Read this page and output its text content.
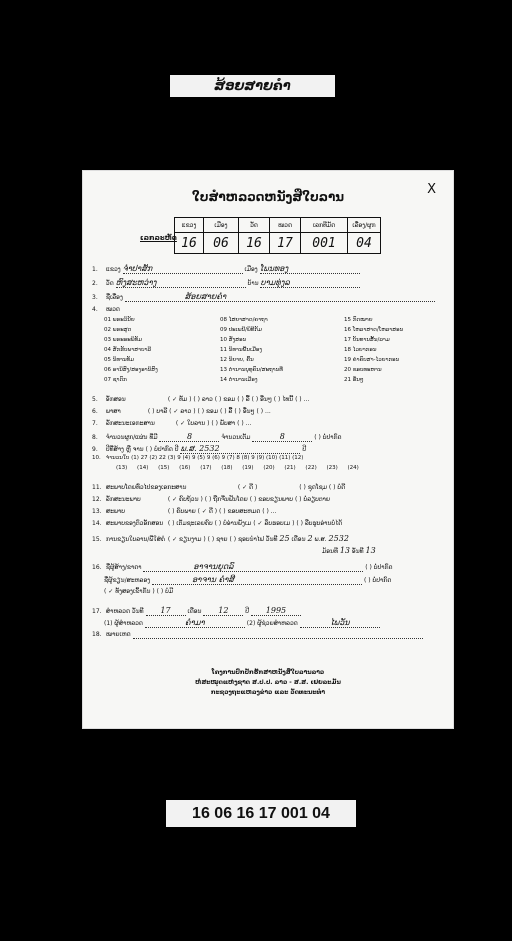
ສ້ອຍສາຍຄໍາ
X
ໃບສໍາຫລວດຫນັງສືໃບລານ
ເລກລະຫັດ
ແຂວງ	ເມືອງ	ວັດ	ໝວດ	ເລກທີມັດ	ເລື່ອງ/ຜູກ
16	06	16	17	001	04
1. ແຂວງ ຈໍາປາສັກ	ເມືອງ ໂພນທອງ
2. ວັດ ຫົງສະຫວ່າງ	ບ້ານ ບາມທຸ່ງລ
3. ຊື່ເລື່ອງ	ສ້ອຍສາຍຄໍາ
4. ໝວດ
01 ພຣະວິນັຍ
02 ພຣະສູດ
03 ພຣະອະພິທັມ
04 ສັກຮັບພາສາບາລີ
05 ນິທານທັມ
06 ອານິສົງ/ສອງອານິສົງ
07 ຊາດົກ
08 ໄສຍາສາດ/ຄາຖາ
09 ປະເພນີ/ພິທີກັມ
10 ສັ່ງສອນ
11 ນິທານພື້ນເມືອງ
12 ນິຍາຍ, ຄົ້ນ
13 ຕໍານານບຸທຸຄົນ/ສະຖານທີ່
14 ຕໍານານເມືອງ
15 ກົດໝາຍ
16 ໂຫລາສາດ/ໂຫລາສອນ
17 ບັນທານສັ້ນ/ລາມ
18 ໄວຍາກອນ
19 ຄໍາຄົບສາ-ໄວຍາກອນ
20 ຂອບທະຫານ
21 ອື່ນໆ
5. ອັກສອນ	( ✓ ທັມ ) ( ) ລາວ ( ) ຂອມ ( ) ລື້ ( ) ອື່ນໆ ( ) ໄທນີ້ ( ) ...
6. ພາສາ	( ) ບາລີ ( ✓ ລາວ ) ( ) ຂອມ ( ) ລື້ ( ) ອື່ນໆ ( ) ...
7. ລັກສະນະເອກະສານ	( ✓ ໃບລານ ) ( ) ພັບສາ ( ) ...
8. ຈໍານວນຜູກ/ແຜ່ນ ທີ່ມີ	8	ຈໍານວນເຕັມ	8	( ) ບໍ່ປາກົດ
9. ປີທີ່ສ້າງ ຫຼື ຈານ ( ) ບໍ່ປາກົດ ປີ ພ.ສ. 2532	ປີ
10. ຈໍານວນໃບ (1) 27 (2) 22 (3) 9 (4) 9 (5) 9 (6) 9 (7) 8 (8) 9 (9) (10) (11) (12)
(13) (14) (15) (16) (17) (18) (19) (20) (21) (22) (23) (24)
11. ສະພາບໂດຍທົ່ວໄປຂອງເອກະສານ	( ✓ ດີ )	( ) ຊຸດໂຊມ ( ) ບໍ່ດີ
12. ລັກສະນະພາບ	( ✓ ຄົບຖ້ວນ ) ( ) ຖືກຈີ່ນຟັນໂດຍ ( ) ຂອບຂຽນພາບ ( ) ບໍ່ລຽບຕາຍ
13. ສະພາບ	( ) ຄົບພາຍ ( ✓ ດີ ) ( ) ຂອບສະຫມດ ( ) ...
14. ສະພາບຂອງຕົວອັກສອນ ( ) ເຕັມຊະເລຍຄົບ ( ) ບໍ່ອ່ານພັງເມ ( ✓ ລຶບຮອບເມ ) ( ) ລືບຮູບອ່ານບໍ່ໄດ້
15. ການຂຽນໃບລານ/ພີ່ໃສ່ຄໍ ( ✓ ຂຽນງາມ ) ( ) ຊາຍ ( ) ຊອບນໍາໄຟ ວັນທີ 25 ເດືອນ 2 ພ.ສ. 2532
ມ້ອນທີ 13 ອັນທີ 13
16. ຊື່ຜູ້ສ້າງ/ຂາດາ	ອາຈານຍຸດລົ	( ) ບໍ່ປາກົດ
ຊື່ຜູ້ຂຽນ/ສະຫລອງ	ອາຈານ ຄຳສີ	( ) ບໍ່ປາກົດ
( ✓ ທັງສອງເຂົ້າກັນ ) ( ) ບໍ່ມີ
17. ສໍາຫລວດ ວັນທີ 17	ເດືອນ 12	ປີ 1995
(1) ຜູ້ສໍາຫລວດ	ຄໍາມາ	(2) ຜູ້ຊ່ວຍສໍາຫລວດ	ໄພວັນ
18. ໝາຍເຫດ
ໂຄງການປົກປັກຮັກສາຫນັງສືໃບລານລາວ
ຫໍສະໝຸດແຫ່ງຊາດ ສ.ປ.ປ. ລາວ - ສ.ສ. ເຢຍລະມັນ
ກະຊວງຖະແຫລງຂ່າວ ແລະ ວັດທະນະທໍາ
16 06 16 17 001 04
